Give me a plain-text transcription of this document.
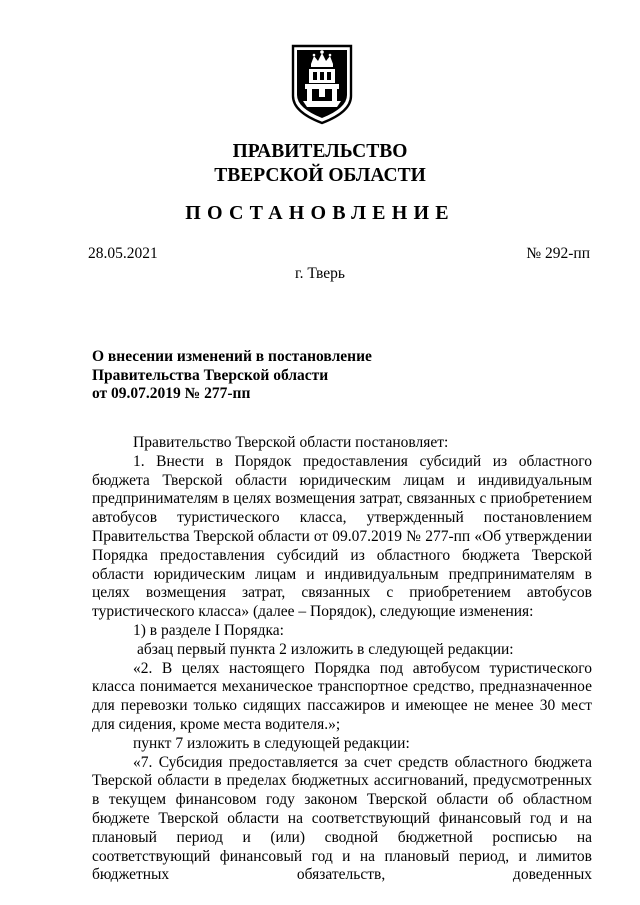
ПРАВИТЕЛЬСТВО
ТВЕРСКОЙ ОБЛАСТИ
ПОСТАНОВЛЕНИЕ
28.05.2021	№ 292-пп
г. Тверь
О внесении изменений в постановление
Правительства Тверской области
от 09.07.2019 № 277-пп

Правительство Тверской области постановляет:

1. Внести в Порядок предоставления субсидий из областного бюджета Тверской области юридическим лицам и индивидуальным предпринимателям в целях возмещения затрат, связанных с приобретением автобусов туристического класса, утвержденный постановлением Правительства Тверской области от 09.07.2019 № 277-пп «Об утверждении Порядка предоставления субсидий из областного бюджета Тверской области юридическим лицам и индивидуальным предпринимателям в целях возмещения затрат, связанных с приобретением автобусов туристического класса» (далее – Порядок), следующие изменения:

1) в разделе I Порядка:

абзац первый пункта 2 изложить в следующей редакции:

«2. В целях настоящего Порядка под автобусом туристического класса понимается механическое транспортное средство, предназначенное для перевозки только сидящих пассажиров и имеющее не менее 30 мест для сидения, кроме места водителя.»;

пункт 7 изложить в следующей редакции:

«7. Субсидия предоставляется за счет средств областного бюджета Тверской области в пределах бюджетных ассигнований, предусмотренных в текущем финансовом году законом Тверской области об областном бюджете Тверской области на соответствующий финансовый год и на плановый период и (или) сводной бюджетной росписью на соответствующий финансовый год и на плановый период, и лимитов бюджетных обязательств, доведенных
